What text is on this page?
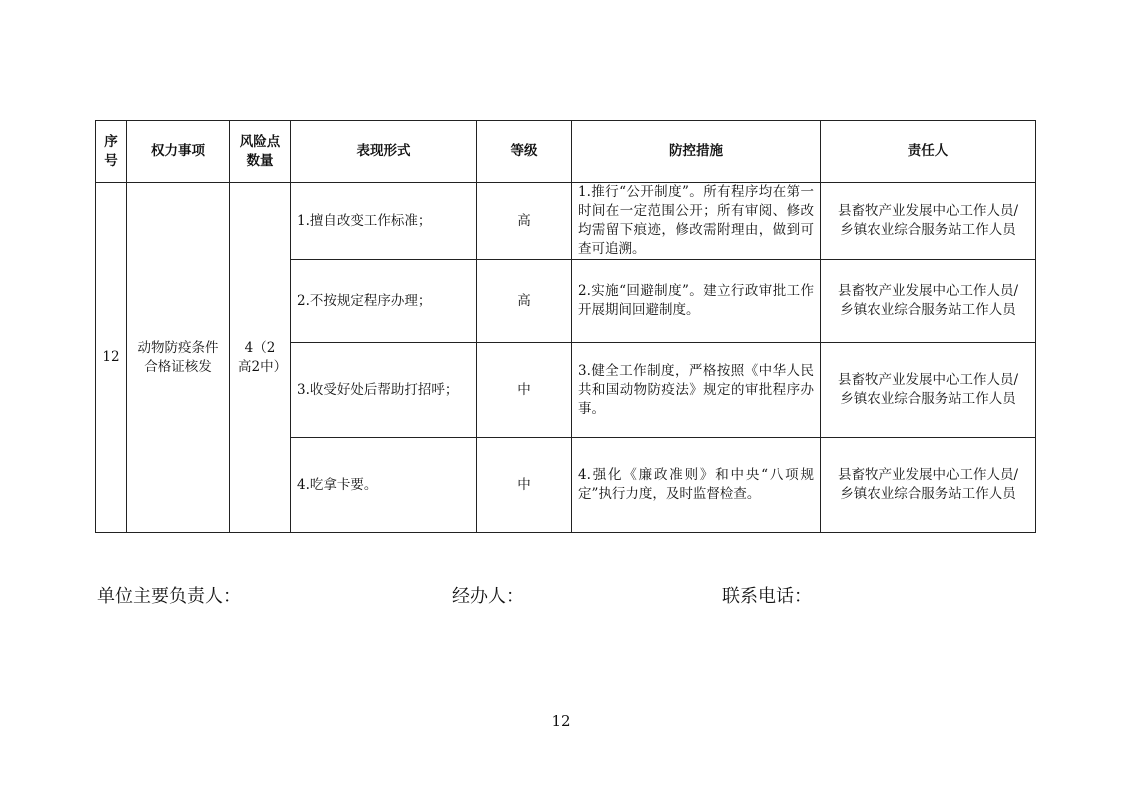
序号	权力事项	风险点数量	表现形式	等级	防控措施	责任人
12	动物防疫条件合格证核发	4（2高2中）	1.擅自改变工作标准；	高	1.推行“公开制度”。所有程序均在第一时间在一定范围公开；所有审阅、修改均需留下痕迹，修改需附理由，做到可查可追溯。	县畜牧产业发展中心工作人员/乡镇农业综合服务站工作人员
			2.不按规定程序办理；	高	2.实施“回避制度”。建立行政审批工作开展期间回避制度。	县畜牧产业发展中心工作人员/乡镇农业综合服务站工作人员
			3.收受好处后帮助打招呼；	中	3.健全工作制度，严格按照《中华人民共和国动物防疫法》规定的审批程序办事。	县畜牧产业发展中心工作人员/乡镇农业综合服务站工作人员
			4.吃拿卡要。	中	4.强化《廉政准则》和中央“八项规定”执行力度，及时监督检查。	县畜牧产业发展中心工作人员/乡镇农业综合服务站工作人员
单位主要负责人：	经办人：	联系电话：
12
